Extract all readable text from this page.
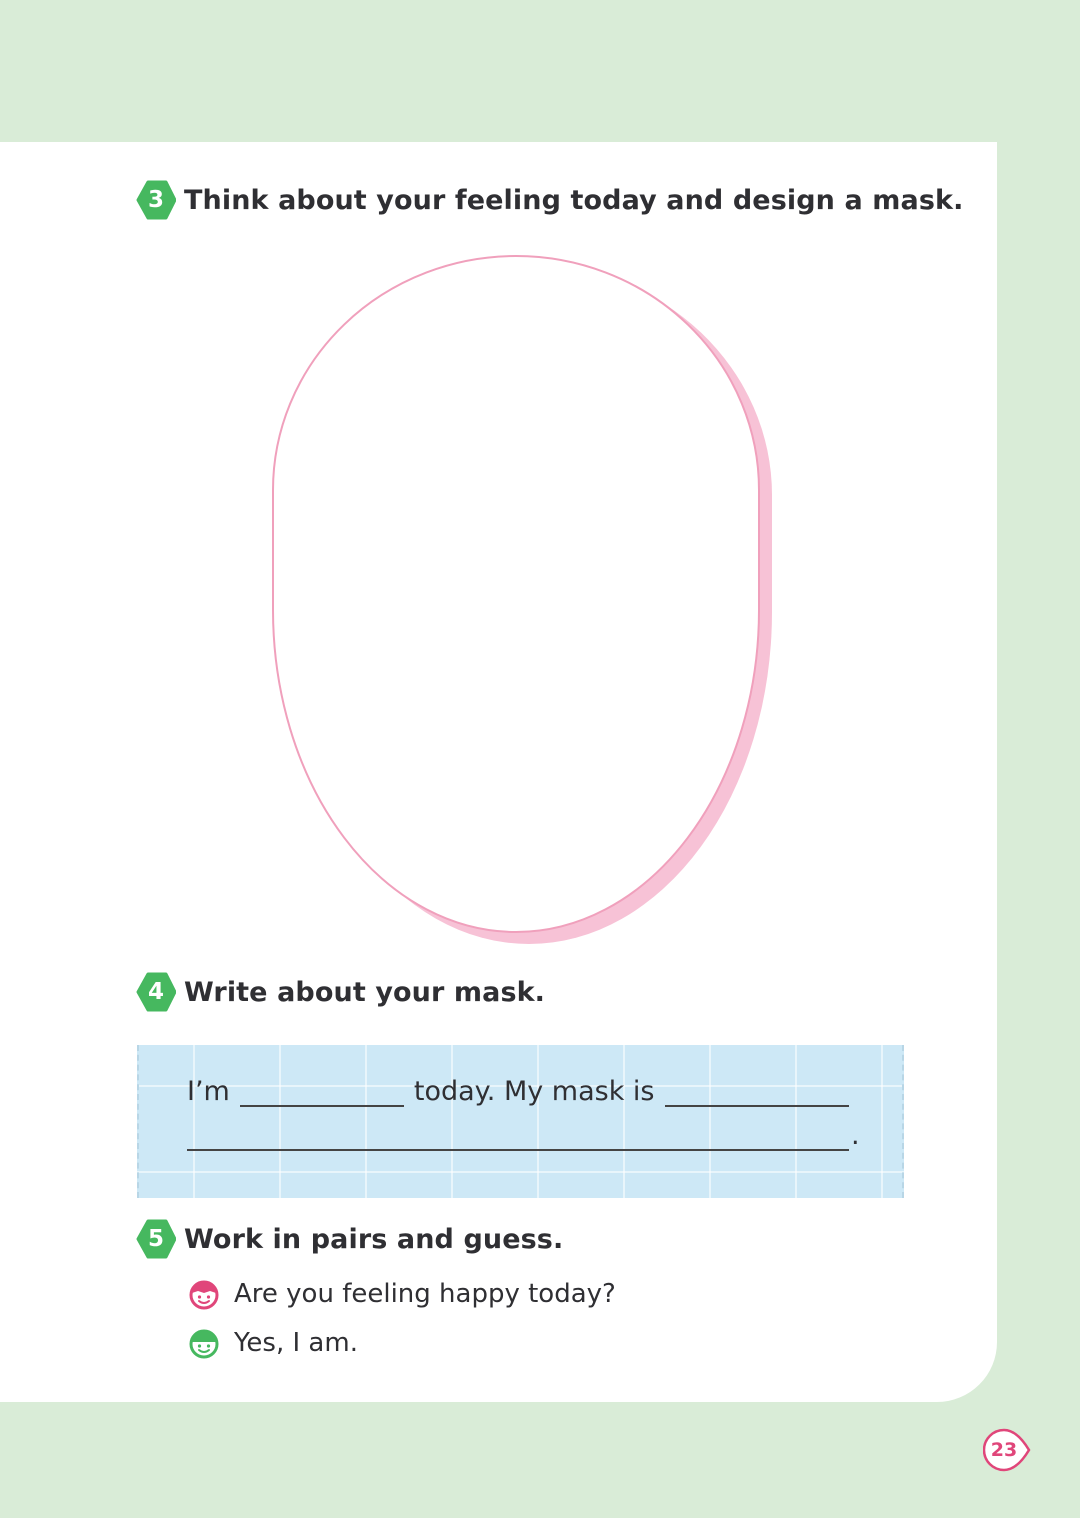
3 Think about your feeling today and design a mask.
4 Write about your mask.
I’m	today. My mask is
.
5 Work in pairs and guess.
Are you feeling happy today?
Yes, I am.
23
